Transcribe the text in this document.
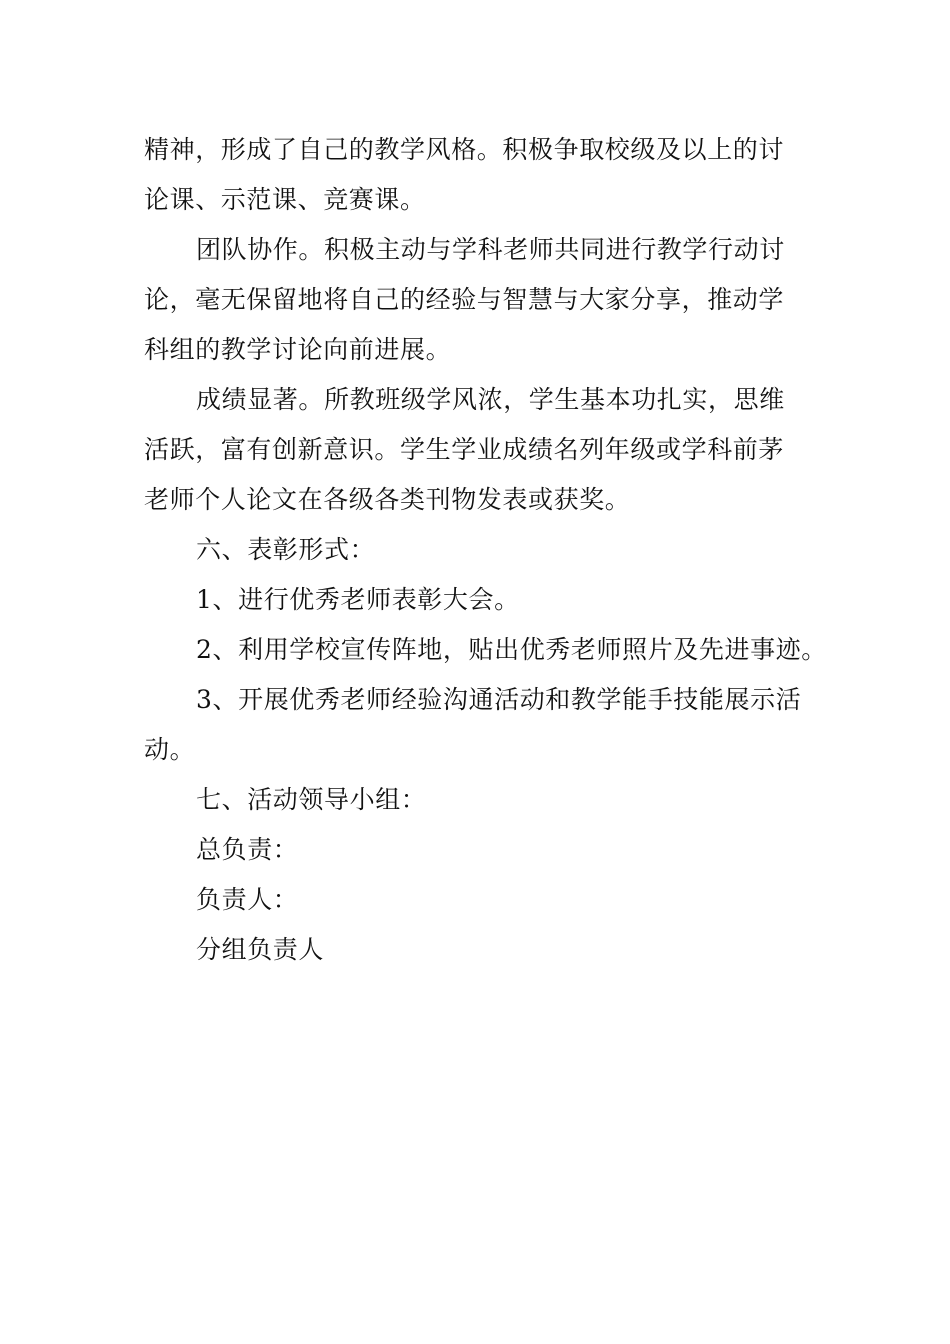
精神，形成了自己的教学风格。积极争取校级及以上的讨
论课、示范课、竞赛课。
团队协作。积极主动与学科老师共同进行教学行动讨
论，毫无保留地将自己的经验与智慧与大家分享，推动学
科组的教学讨论向前进展。
成绩显著。所教班级学风浓，学生基本功扎实，思维
活跃，富有创新意识。学生学业成绩名列年级或学科前茅
老师个人论文在各级各类刊物发表或获奖。
六、表彰形式：
1、进行优秀老师表彰大会。
2、利用学校宣传阵地，贴出优秀老师照片及先进事迹。
3、开展优秀老师经验沟通活动和教学能手技能展示活
动。
七、活动领导小组：
总负责：
负责人：
分组负责人
